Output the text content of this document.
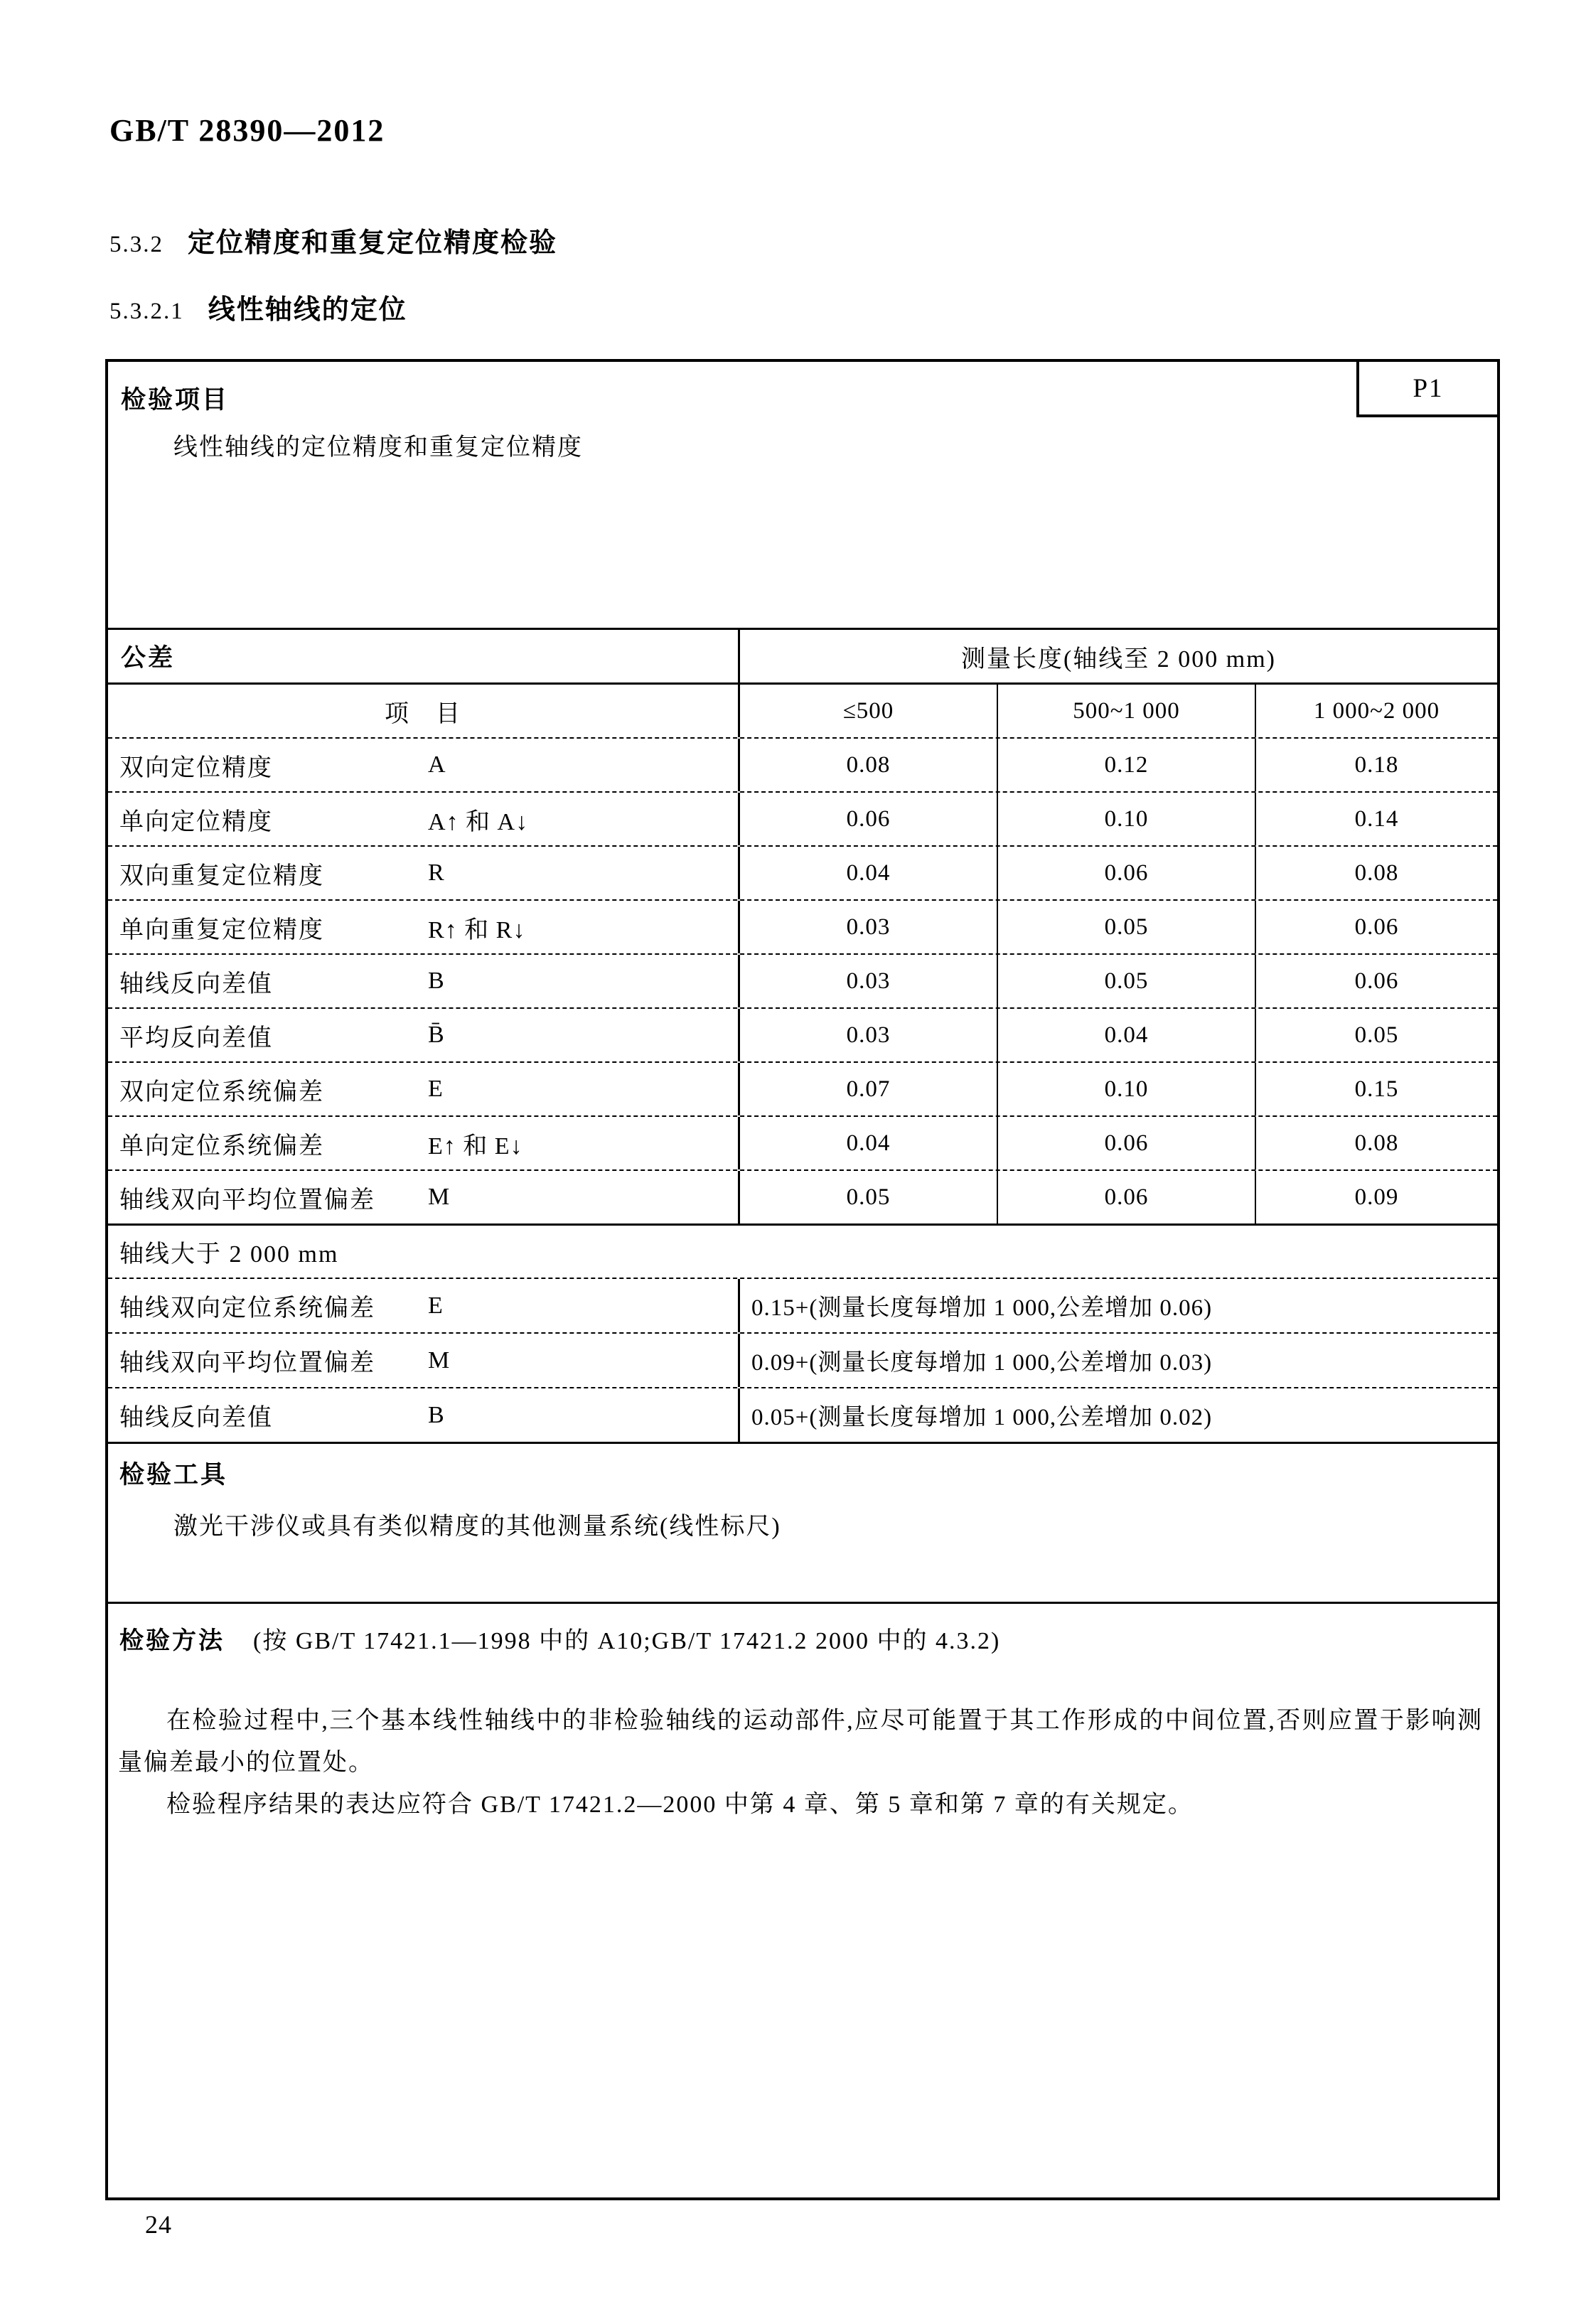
GB/T 28390—2012
5.3.2 定位精度和重复定位精度检验
5.3.2.1 线性轴线的定位
检验项目	P1
线性轴线的定位精度和重复定位精度
公差	测量长度(轴线至 2 000 mm)
项　目	≤500	500~1 000	1 000~2 000
双向定位精度	A	0.08	0.12	0.18
单向定位精度	A↑ 和 A↓	0.06	0.10	0.14
双向重复定位精度	R	0.04	0.06	0.08
单向重复定位精度	R↑ 和 R↓	0.03	0.05	0.06
轴线反向差值	B	0.03	0.05	0.06
平均反向差值	B̄	0.03	0.04	0.05
双向定位系统偏差	E	0.07	0.10	0.15
单向定位系统偏差	E↑ 和 E↓	0.04	0.06	0.08
轴线双向平均位置偏差 M	0.05	0.06	0.09
轴线大于 2 000 mm
轴线双向定位系统偏差 E	0.15+(测量长度每增加 1 000,公差增加 0.06)
轴线双向平均位置偏差 M	0.09+(测量长度每增加 1 000,公差增加 0.03)
轴线反向差值	B	0.05+(测量长度每增加 1 000,公差增加 0.02)
检验工具
激光干涉仪或具有类似精度的其他测量系统(线性标尺)
检验方法 (按 GB/T 17421.1—1998 中的 A10;GB/T 17421.2 2000 中的 4.3.2)

在检验过程中,三个基本线性轴线中的非检验轴线的运动部件,应尽可能置于其工作形成的中间位置,否则应置于影响测量偏差最小的位置处。

检验程序结果的表达应符合 GB/T 17421.2—2000 中第 4 章、第 5 章和第 7 章的有关规定。

24
